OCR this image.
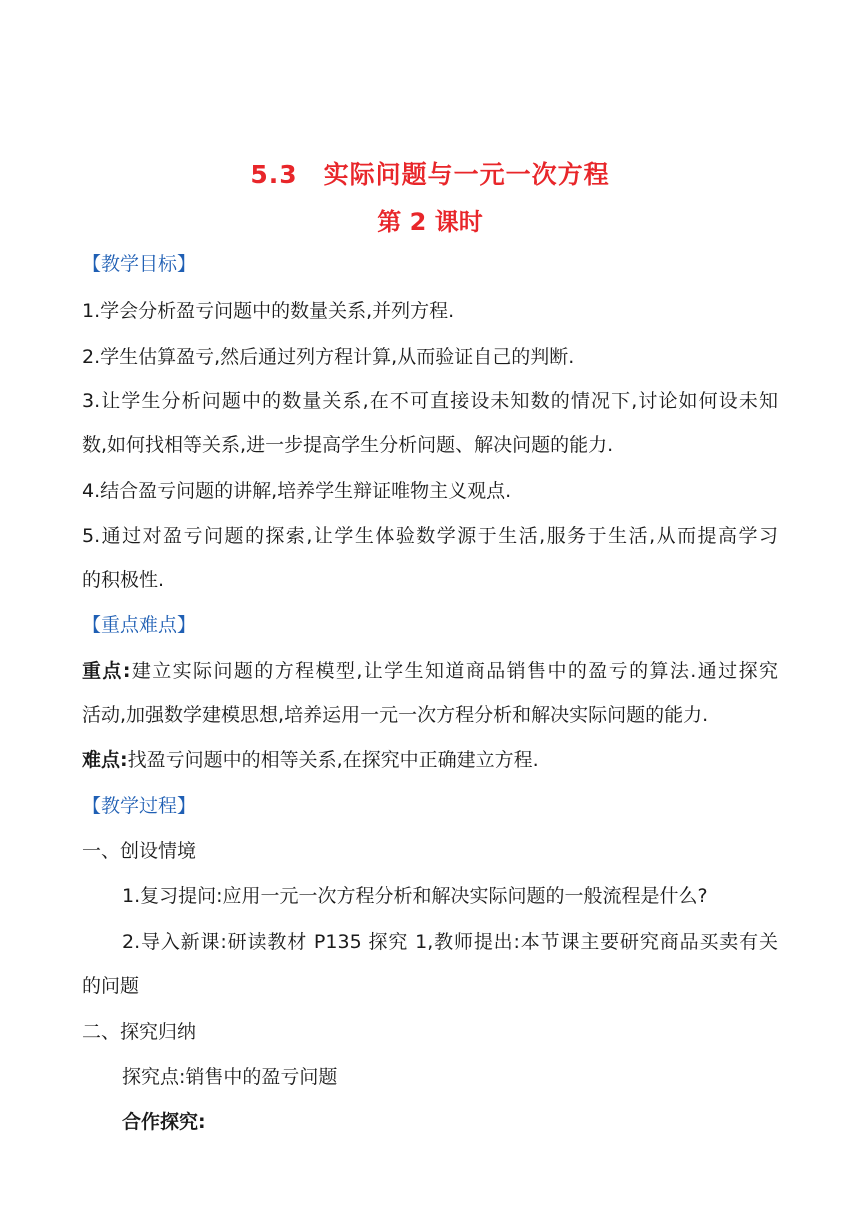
5.3 实际问题与一元一次方程
第 2 课时
【教学目标】
1.学会分析盈亏问题中的数量关系,并列方程.
2.学生估算盈亏,然后通过列方程计算,从而验证自己的判断.
3.让学生分析问题中的数量关系,在不可直接设未知数的情况下,讨论如何设未知
数,如何找相等关系,进一步提高学生分析问题、解决问题的能力.
4.结合盈亏问题的讲解,培养学生辩证唯物主义观点.
5.通过对盈亏问题的探索,让学生体验数学源于生活,服务于生活,从而提高学习
的积极性.
【重点难点】
重点:建立实际问题的方程模型,让学生知道商品销售中的盈亏的算法.通过探究
活动,加强数学建模思想,培养运用一元一次方程分析和解决实际问题的能力.
难点:找盈亏问题中的相等关系,在探究中正确建立方程.
【教学过程】
一、创设情境
1.复习提问:应用一元一次方程分析和解决实际问题的一般流程是什么?
2.导入新课:研读教材 P135 探究 1,教师提出:本节课主要研究商品买卖有关
的问题
二、探究归纳
探究点:销售中的盈亏问题
合作探究:
